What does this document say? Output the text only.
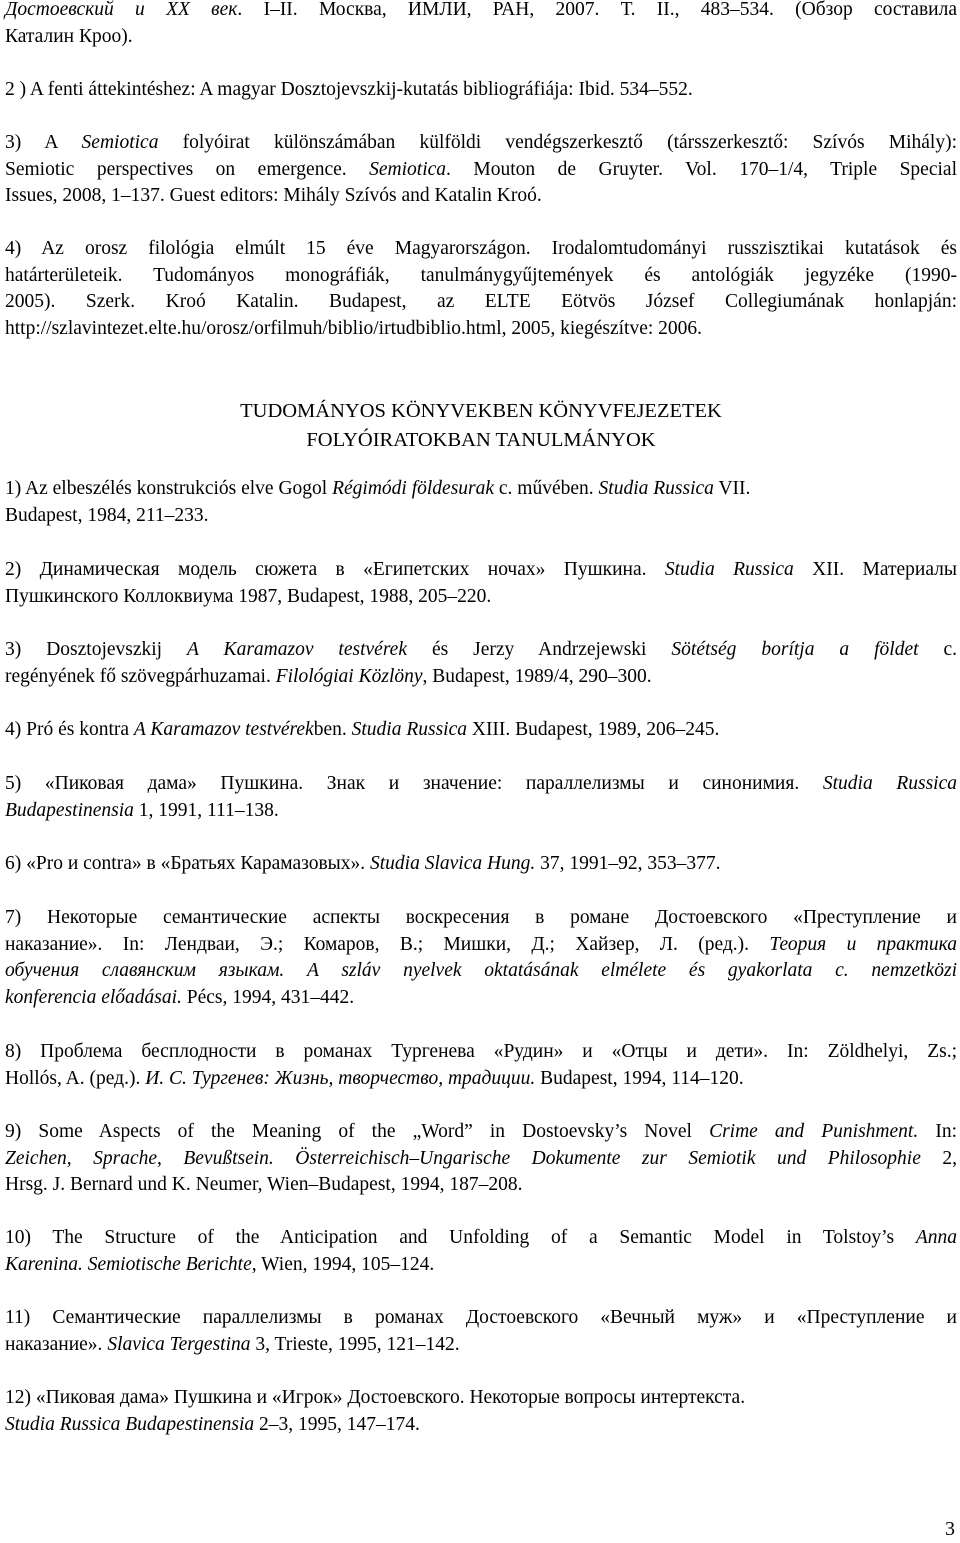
Достоевский и XX век. I–II. Москва, ИМЛИ, РАН, 2007. Т. II., 483–534. (Обзор составила
Каталин Кроо).

2 ) A fenti áttekintéshez: A magyar Dosztojevszkij-kutatás bibliográfiája: Ibid. 534–552.

3) A Semiotica folyóirat különszámában külföldi vendégszerkesztő (társszerkesztő: Szívós Mihály):
Semiotic perspectives on emergence. Semiotica. Mouton de Gruyter. Vol. 170–1/4, Triple Special
Issues, 2008, 1–137. Guest editors: Mihály Szívós and Katalin Kroó.

4) Az orosz filológia elmúlt 15 éve Magyarországon. Irodalomtudományi russzisztikai kutatások és
határterületeik. Tudományos monográfiák, tanulmánygyűjtemények és antológiák jegyzéke (1990-
2005). Szerk. Kroó Katalin. Budapest, az ELTE Eötvös József Collegiumának honlapján:
http://szlavintezet.elte.hu/orosz/orfilmuh/biblio/irtudbiblio.html, 2005, kiegészítve: 2006.

TUDOMÁNYOS KÖNYVEKBEN KÖNYVFEJEZETEK
FOLYÓIRATOKBAN TANULMÁNYOK

1) Az elbeszélés konstrukciós elve Gogol Régimódi földesurak c. művében. Studia Russica VII.
Budapest, 1984, 211–233.

2) Динамическая модель сюжета в «Египетских ночах» Пушкина. Studia Russica XII. Материалы
Пушкинского Коллоквиума 1987, Budapest, 1988, 205–220.

3) Dosztojevszkij A Karamazov testvérek és Jerzy Andrzejewski Sötétség borítja a földet c.
regényének fő szövegpárhuzamai. Filológiai Közlöny, Budapest, 1989/4, 290–300.

4) Pró és kontra A Karamazov testvérekben. Studia Russica XIII. Budapest, 1989, 206–245.

5) «Пиковая дама» Пушкина. Знак и значение: параллелизмы и синонимия. Studia Russica
Budapestinensia 1, 1991, 111–138.

6) «Pro и contra» в «Братьях Карамазовых». Studia Slavica Hung. 37, 1991–92, 353–377.

7) Некоторые семантические аспекты воскресения в романе Достоевского «Преступление и
наказание». In: Лендваи, Э.; Комаров, В.; Мишки, Д.; Хайзер, Л. (ред.). Теория и практика
обучения славянским языкам. A szláv nyelvek oktatásának elmélete és gyakorlata c. nemzetközi
konferencia előadásai. Pécs, 1994, 431–442.

8) Проблема бесплодности в романах Тургенева «Рудин» и «Отцы и дети». In: Zöldhelyi, Zs.;
Hollós, A. (ред.). И. С. Тургенев: Жизнь, творчество, традиции. Budapest, 1994, 114–120.

9) Some Aspects of the Meaning of the „Word” in Dostoevsky’s Novel Crime and Punishment. In:
Zeichen, Sprache, Bevußtsein. Österreichisch–Ungarische Dokumente zur Semiotik und Philosophie 2,
Hrsg. J. Bernard und K. Neumer, Wien–Budapest, 1994, 187–208.

10) The Structure of the Anticipation and Unfolding of a Semantic Model in Tolstoy’s Anna
Karenina. Semiotische Berichte, Wien, 1994, 105–124.

11) Семантические параллелизмы в романах Достоевского «Вечный муж» и «Преступление и
наказание». Slavica Tergestina 3, Trieste, 1995, 121–142.

12) «Пиковая дама» Пушкина и «Игрок» Достоевского. Некоторые вопросы интертекста.
Studia Russica Budapestinensia 2–3, 1995, 147–174.

3
